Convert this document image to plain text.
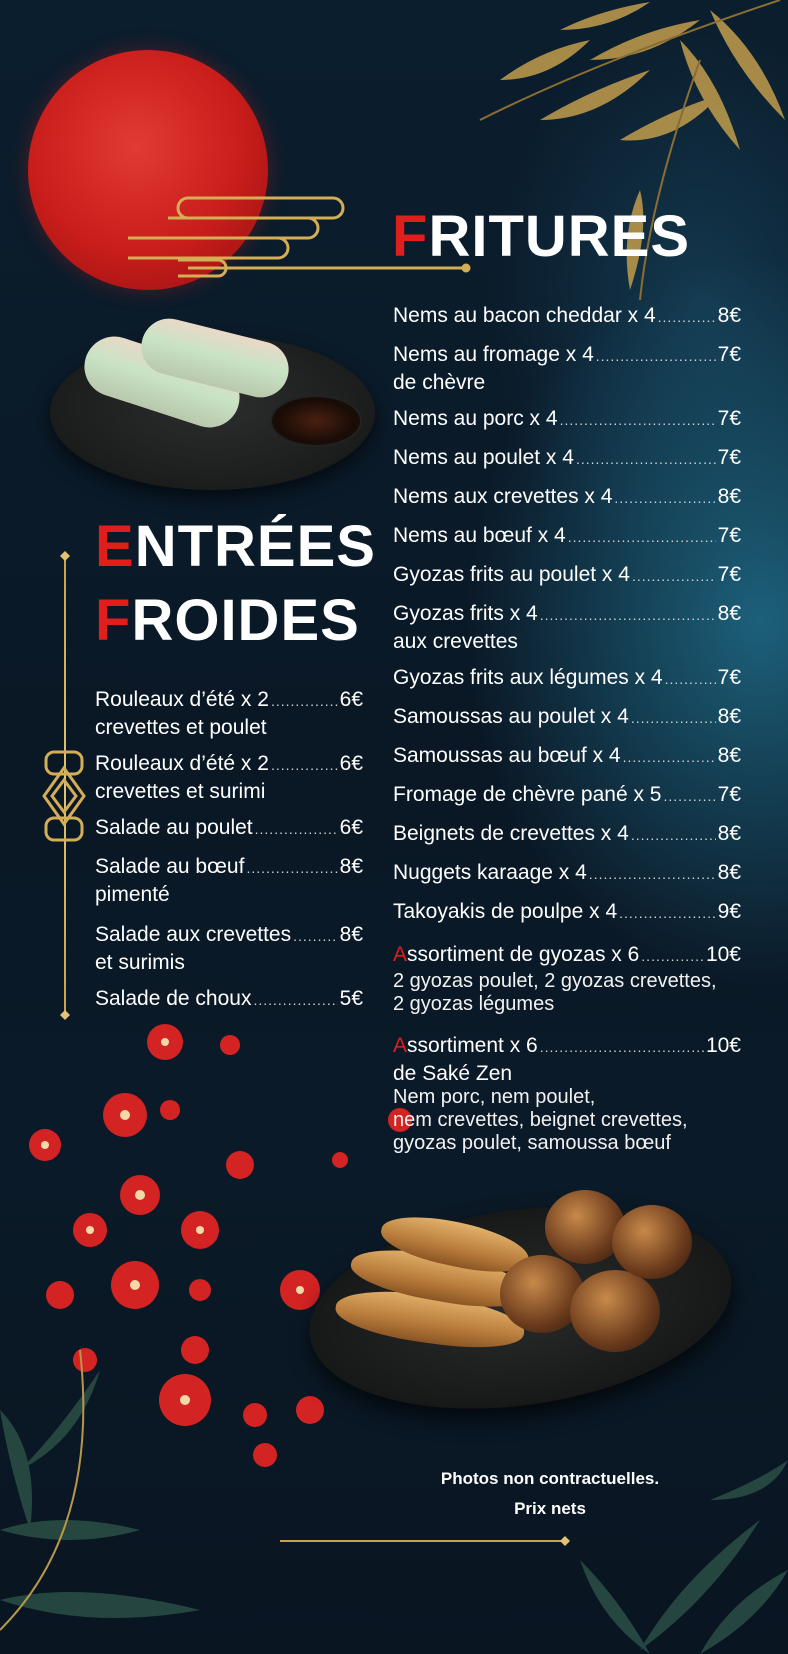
FRITURES
ENTRÉES
FROIDES
Nems au bacon cheddar x 4 .....	8€
Nems au fromage x 4 .....	7€
de chèvre
Nems au porc x 4 .....	7€
Nems au poulet x 4 .....	7€
Nems aux crevettes x 4 .....	8€
Nems au bœuf x 4 .....	7€
Gyozas frits au poulet x 4 .....	7€
Gyozas frits x 4 .....	8€
aux crevettes
Gyozas frits aux légumes x 4 .....	7€
Samoussas au poulet x 4 .....	8€
Samoussas au bœuf x 4 .....	8€
Fromage de chèvre pané x 5 .....	7€
Beignets de crevettes x 4 .....	8€
Nuggets karaage x 4 .....	8€
Takoyakis de poulpe x 4 .....	9€
Assortiment de gyozas x 6 .....	10€
2 gyozas poulet, 2 gyozas crevettes,
2 gyozas légumes
Assortiment x 6 .....	10€
de Saké Zen
Nem porc, nem poulet,
nem crevettes, beignet crevettes,
gyozas poulet, samoussa bœuf
Rouleaux d’été x 2 .....	6€
crevettes et poulet
Rouleaux d’été x 2 .....	6€
crevettes et surimi
Salade au poulet .....	6€
Salade au bœuf .....	8€
pimenté
Salade aux crevettes ..... 8€
et surimis
Salade de choux .....	5€
Photos non contractuelles.
Prix nets
